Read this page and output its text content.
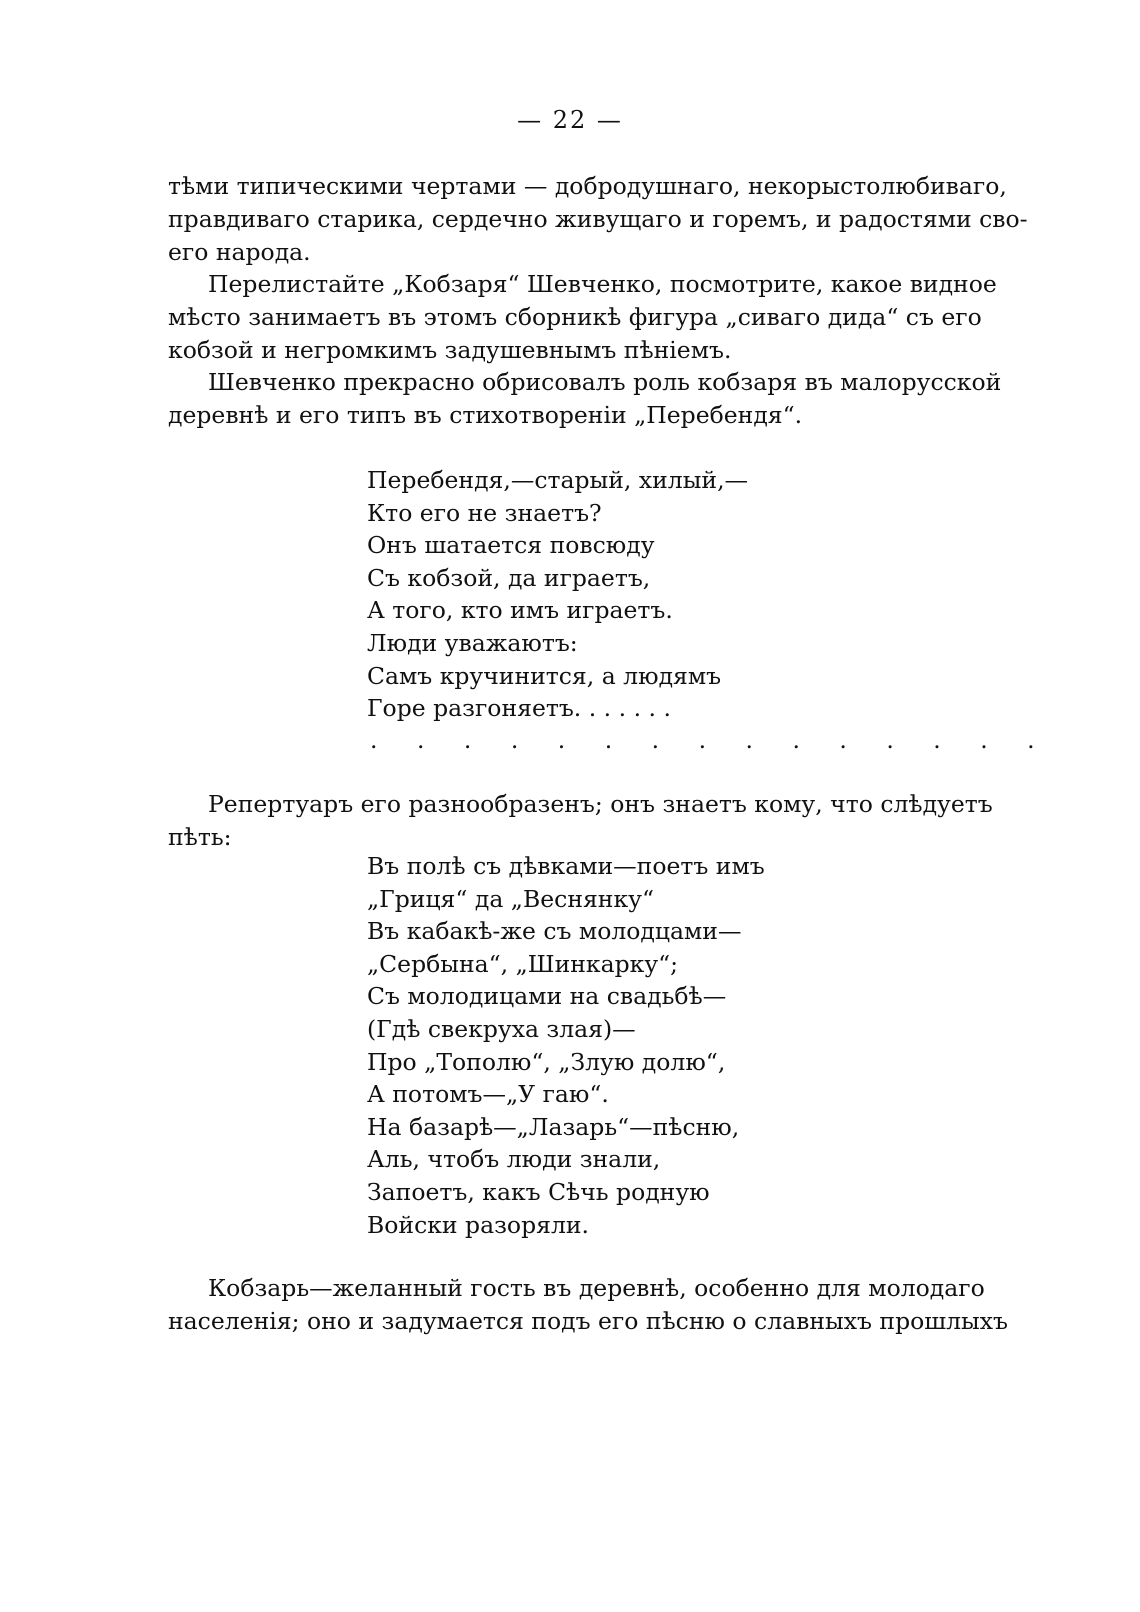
— 22 —
тѣми типическими чертами — добродушнаго, некорыстолюбиваго,
правдиваго старика, сердечно живущаго и горемъ, и радостями сво-
его народа.
Перелистайте „Кобзаря“ Шевченко, посмотрите, какое видное
мѣсто занимаетъ въ этомъ сборникѣ фигура „сиваго дида“ съ его
кобзой и негромкимъ задушевнымъ пѣніемъ.
Шевченко прекрасно обрисовалъ роль кобзаря въ малорусской
деревнѣ и его типъ въ стихотвореніи „Перебендя“.
Перебендя,—старый, хилый,—
Кто его не знаетъ?
Онъ шатается повсюду
Съ кобзой, да играетъ,
А того, кто имъ играетъ.
Люди уважаютъ:
Самъ кручинится, а людямъ
Горе разгоняетъ. . . . . . .
. . . . . . . . . . . . . . .
Репертуаръ его разнообразенъ; онъ знаетъ кому, что слѣдуетъ
пѣть:
Въ полѣ съ дѣвками—поетъ имъ
„Гриця“ да „Веснянку“
Въ кабакѣ-же съ молодцами—
„Сербына“, „Шинкарку“;
Съ молодицами на свадьбѣ—
(Гдѣ свекруха злая)—
Про „Тополю“, „Злую долю“,
А потомъ—„У гаю“.
На базарѣ—„Лазарь“—пѣсню,
Аль, чтобъ люди знали,
Запоетъ, какъ Сѣчь родную
Войски разоряли.
Кобзарь—желанный гость въ деревнѣ, особенно для молодаго
населенія; оно и задумается подъ его пѣсню о славныхъ прошлыхъ
